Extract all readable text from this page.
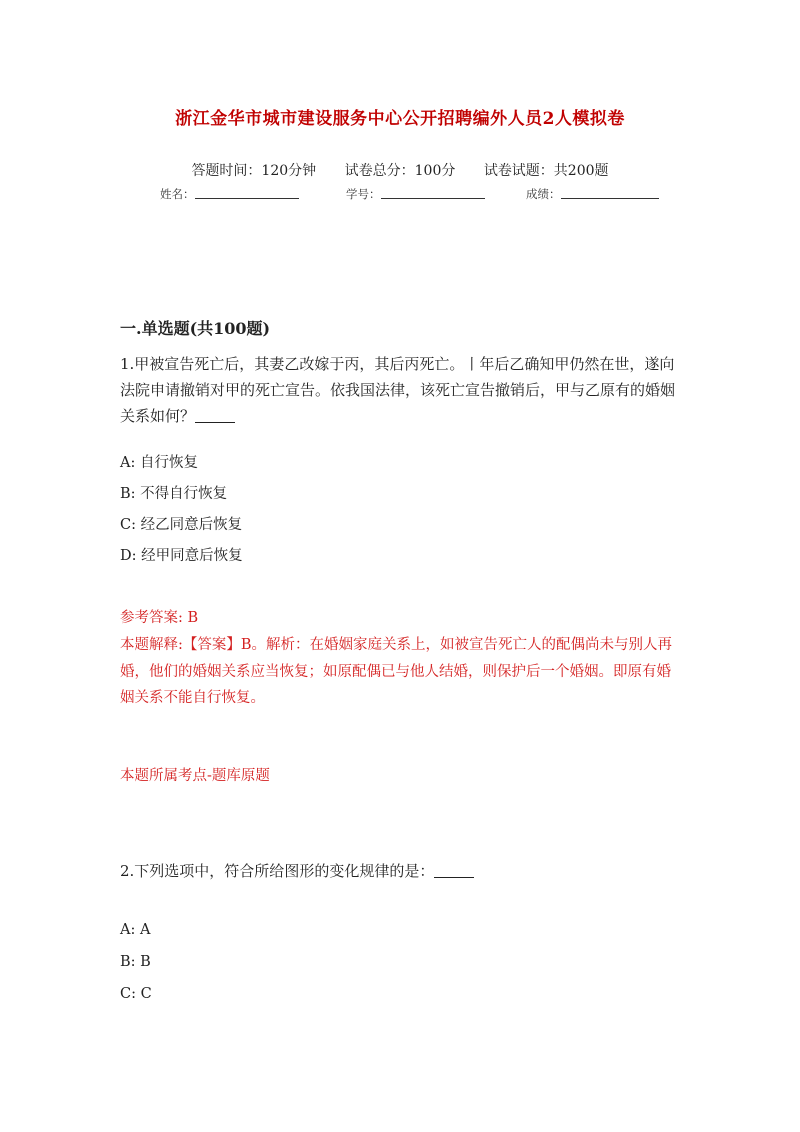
浙江金华市城市建设服务中心公开招聘编外人员2人模拟卷
答题时间：120分钟 试卷总分：100分 试卷试题：共200题
姓名：	学号：	成绩：
一.单选题(共100题)
1.甲被宣告死亡后，其妻乙改嫁于丙，其后丙死亡。丨年后乙确知甲仍然在世，遂向法院申请撤销对甲的死亡宣告。依我国法律，该死亡宣告撤销后，甲与乙原有的婚姻关系如何？
A: 自行恢复
B: 不得自行恢复
C: 经乙同意后恢复
D: 经甲同意后恢复
参考答案: B
本题解释:【答案】B。解析：在婚姻家庭关系上，如被宣告死亡人的配偶尚未与别人再婚，他们的婚姻关系应当恢复；如原配偶已与他人结婚，则保护后一个婚姻。即原有婚姻关系不能自行恢复。
本题所属考点-题库原题
2.下列选项中，符合所给图形的变化规律的是：
A: A
B: B
C: C
